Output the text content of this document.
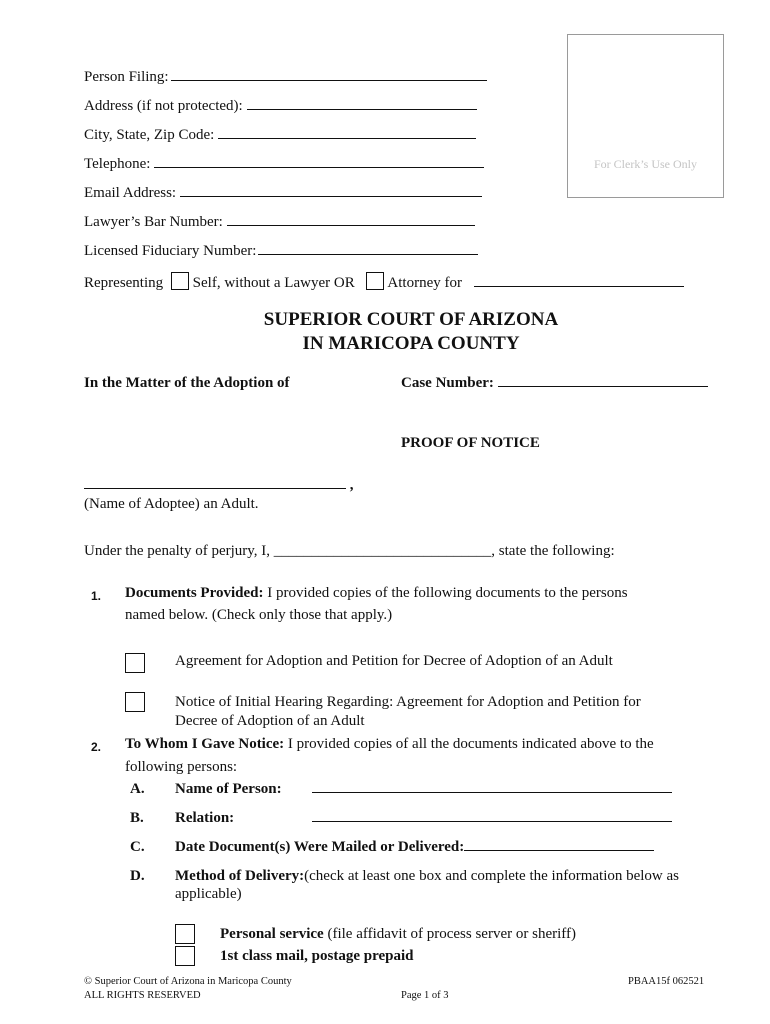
For Clerk’s Use Only
Person Filing:
Address (if not protected):
City, State, Zip Code:
Telephone:
Email Address:
Lawyer’s Bar Number:
Licensed Fiduciary Number:
Representing Self, without a Lawyer OR Attorney for
SUPERIOR COURT OF ARIZONA
IN MARICOPA COUNTY
In the Matter of the Adoption of	Case Number:
PROOF OF NOTICE
,
(Name of Adoptee) an Adult.
Under the penalty of perjury, I, _____________________________, state the following:
1. Documents Provided: I provided copies of the following documents to the persons
named below. (Check only those that apply.)
Agreement for Adoption and Petition for Decree of Adoption of an Adult
Notice of Initial Hearing Regarding: Agreement for Adoption and Petition for
Decree of Adoption of an Adult
2. To Whom I Gave Notice: I provided copies of all the documents indicated above to the
following persons:
A. Name of Person:
B. Relation:
C. Date Document(s) Were Mailed or Delivered:
D. Method of Delivery:(check at least one box and complete the information below as
applicable)
Personal service (file affidavit of process server or sheriff)
1st class mail, postage prepaid
© Superior Court of Arizona in Maricopa County
ALL RIGHTS RESERVED	Page 1 of 3
PBAA15f 062521
